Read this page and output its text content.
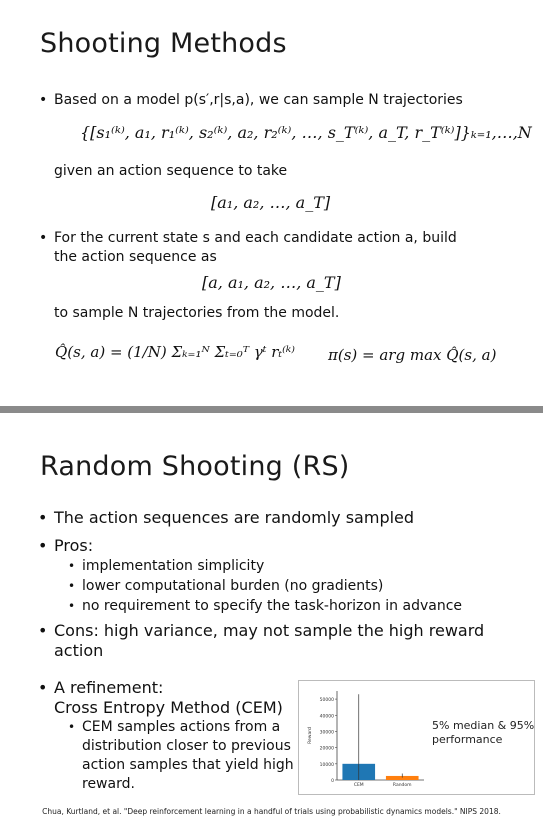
Shooting Methods
• Based on a model p(s′,r|s,a), we can sample N trajectories
{[s₁⁽ᵏ⁾, a₁, r₁⁽ᵏ⁾, s₂⁽ᵏ⁾, a₂, r₂⁽ᵏ⁾, …, s_T⁽ᵏ⁾, a_T, r_T⁽ᵏ⁾]}ₖ₌₁,…,N
given an action sequence to take
[a₁, a₂, …, a_T]
• For the current state s and each candidate action a, build
the action sequence as
[a, a₁, a₂, …, a_T]
to sample N trajectories from the model.
Q̂(s, a) = (1/N) Σₖ₌₁ᴺ Σₜ₌₀ᵀ γᵗ rₜ⁽ᵏ⁾ π(s) = arg max Q̂(s, a)
Random Shooting (RS)
• The action sequences are randomly sampled
• Pros:
• implementation simplicity
• lower computational burden (no gradients)
• no requirement to specify the task-horizon in advance
• Cons: high variance, may not sample the high reward
action
• A refinement:
Cross Entropy Method (CEM)
• CEM samples actions from a
distribution closer to previous
action samples that yield high
reward.	0
10000
20000
30000
40000
50000
Reward
CEM	Random
5% median & 95%
performance
Chua, Kurtland, et al. "Deep reinforcement learning in a handful of trials using probabilistic dynamics models." NIPS 2018.
